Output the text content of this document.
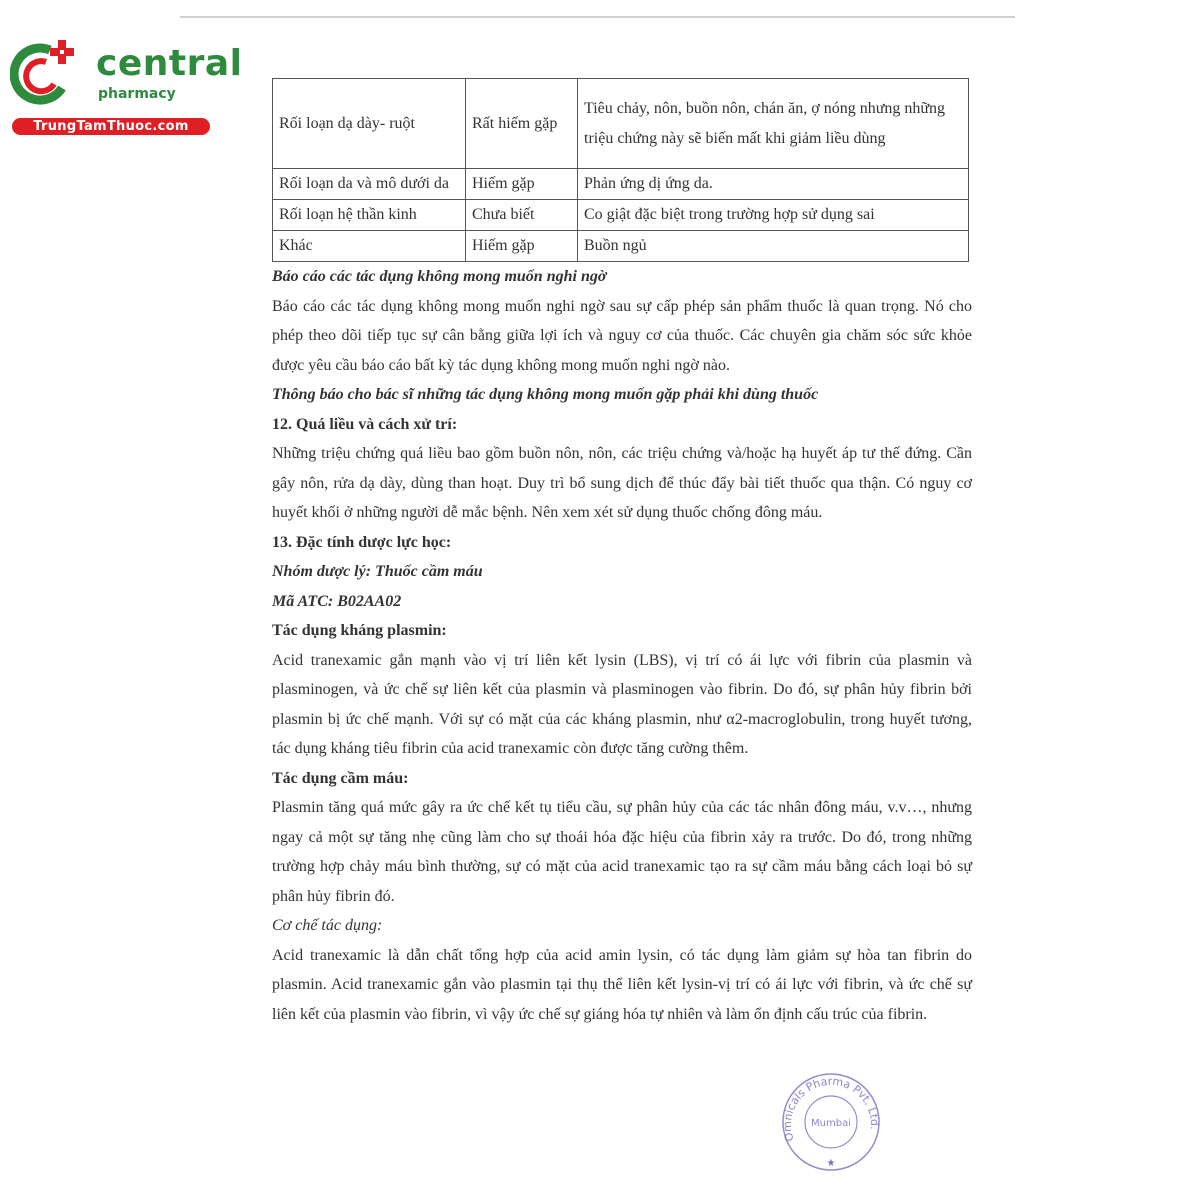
central
pharmacy
TrungTamThuoc.com	Rối loạn dạ dày- ruột	Rất hiếm gặp	Tiêu chảy, nôn, buồn nôn, chán ăn, ợ nóng nhưng những triệu chứng này sẽ biến mất khi giảm liều dùng
Rối loạn da và mô dưới da	Hiếm gặp	Phản ứng dị ứng da.
Rối loạn hệ thần kinh	Chưa biết	Co giật đặc biệt trong trường hợp sử dụng sai
Khác	Hiếm gặp	Buồn ngủ

Báo cáo các tác dụng không mong muốn nghi ngờ

Báo cáo các tác dụng không mong muốn nghi ngờ sau sự cấp phép sản phẩm thuốc là quan trọng. Nó cho phép theo dõi tiếp tục sự cân bằng giữa lợi ích và nguy cơ của thuốc. Các chuyên gia chăm sóc sức khỏe được yêu cầu báo cáo bất kỳ tác dụng không mong muốn nghi ngờ nào.

Thông báo cho bác sĩ những tác dụng không mong muốn gặp phải khi dùng thuốc

12. Quá liều và cách xử trí:

Những triệu chứng quá liều bao gồm buồn nôn, nôn, các triệu chứng và/hoặc hạ huyết áp tư thế đứng. Cần gây nôn, rửa dạ dày, dùng than hoạt. Duy trì bổ sung dịch để thúc đẩy bài tiết thuốc qua thận. Có nguy cơ huyết khối ở những người dễ mắc bệnh. Nên xem xét sử dụng thuốc chống đông máu.

13. Đặc tính dược lực học:

Nhóm dược lý: Thuốc cầm máu

Mã ATC: B02AA02

Tác dụng kháng plasmin:

Acid tranexamic gắn mạnh vào vị trí liên kết lysin (LBS), vị trí có ái lực với fibrin của plasmin và plasminogen, và ức chế sự liên kết của plasmin và plasminogen vào fibrin. Do đó, sự phân hủy fibrin bởi plasmin bị ức chế mạnh. Với sự có mặt của các kháng plasmin, như α2-macroglobulin, trong huyết tương, tác dụng kháng tiêu fibrin của acid tranexamic còn được tăng cường thêm.

Tác dụng cầm máu:

Plasmin tăng quá mức gây ra ức chế kết tụ tiểu cầu, sự phân hủy của các tác nhân đông máu, v.v…, nhưng ngay cả một sự tăng nhẹ cũng làm cho sự thoái hóa đặc hiệu của fibrin xảy ra trước. Do đó, trong những trường hợp chảy máu bình thường, sự có mặt của acid tranexamic tạo ra sự cầm máu bằng cách loại bỏ sự phân hủy fibrin đó.

Cơ chế tác dụng:

Acid tranexamic là dẫn chất tổng hợp của acid amin lysin, có tác dụng làm giảm sự hòa tan fibrin do plasmin. Acid tranexamic gắn vào plasmin tại thụ thể liên kết lysin-vị trí có ái lực với fibrin, và ức chế sự liên kết của plasmin vào fibrin, vì vậy ức chế sự giáng hóa tự nhiên và làm ổn định cấu trúc của fibrin.

Omnicals Pharma Pvt. Ltd.
Mumbai
★
